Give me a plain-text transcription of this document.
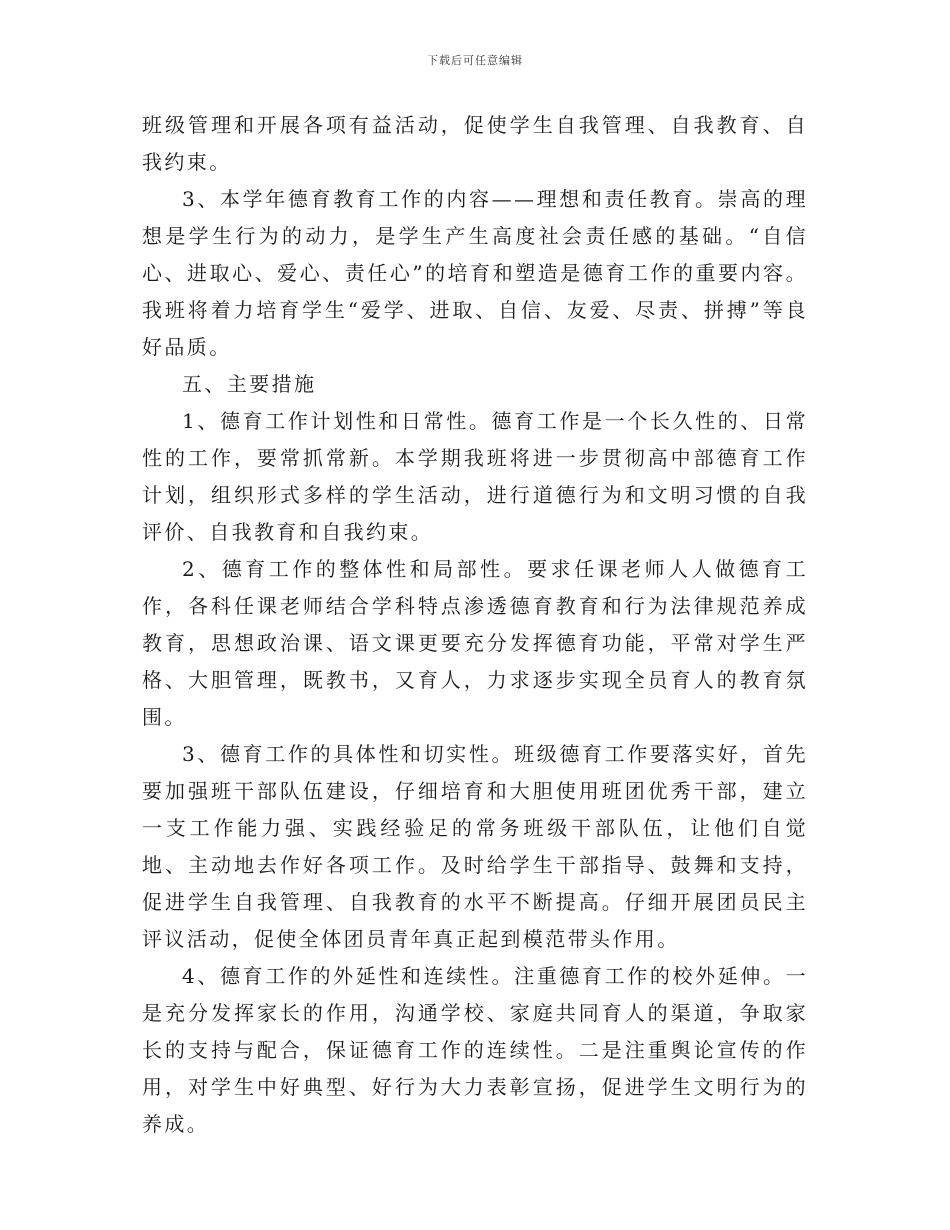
下载后可任意编辑

班级管理和开展各项有益活动，促使学生自我管理、自我教育、自我约束。

3、本学年德育教育工作的内容——理想和责任教育。崇高的理想是学生行为的动力，是学生产生高度社会责任感的基础。“自信心、进取心、爱心、责任心”的培育和塑造是德育工作的重要内容。我班将着力培育学生“爱学、进取、自信、友爱、尽责、拼搏”等良好品质。

五、主要措施

1、德育工作计划性和日常性。德育工作是一个长久性的、日常性的工作，要常抓常新。本学期我班将进一步贯彻高中部德育工作计划，组织形式多样的学生活动，进行道德行为和文明习惯的自我评价、自我教育和自我约束。

2、德育工作的整体性和局部性。要求任课老师人人做德育工作，各科任课老师结合学科特点渗透德育教育和行为法律规范养成教育，思想政治课、语文课更要充分发挥德育功能，平常对学生严格、大胆管理，既教书，又育人，力求逐步实现全员育人的教育氛围。

3、德育工作的具体性和切实性。班级德育工作要落实好，首先要加强班干部队伍建设，仔细培育和大胆使用班团优秀干部，建立一支工作能力强、实践经验足的常务班级干部队伍，让他们自觉地、主动地去作好各项工作。及时给学生干部指导、鼓舞和支持，促进学生自我管理、自我教育的水平不断提高。仔细开展团员民主评议活动，促使全体团员青年真正起到模范带头作用。

4、德育工作的外延性和连续性。注重德育工作的校外延伸。一是充分发挥家长的作用，沟通学校、家庭共同育人的渠道，争取家长的支持与配合，保证德育工作的连续性。二是注重舆论宣传的作用，对学生中好典型、好行为大力表彰宣扬，促进学生文明行为的养成。
